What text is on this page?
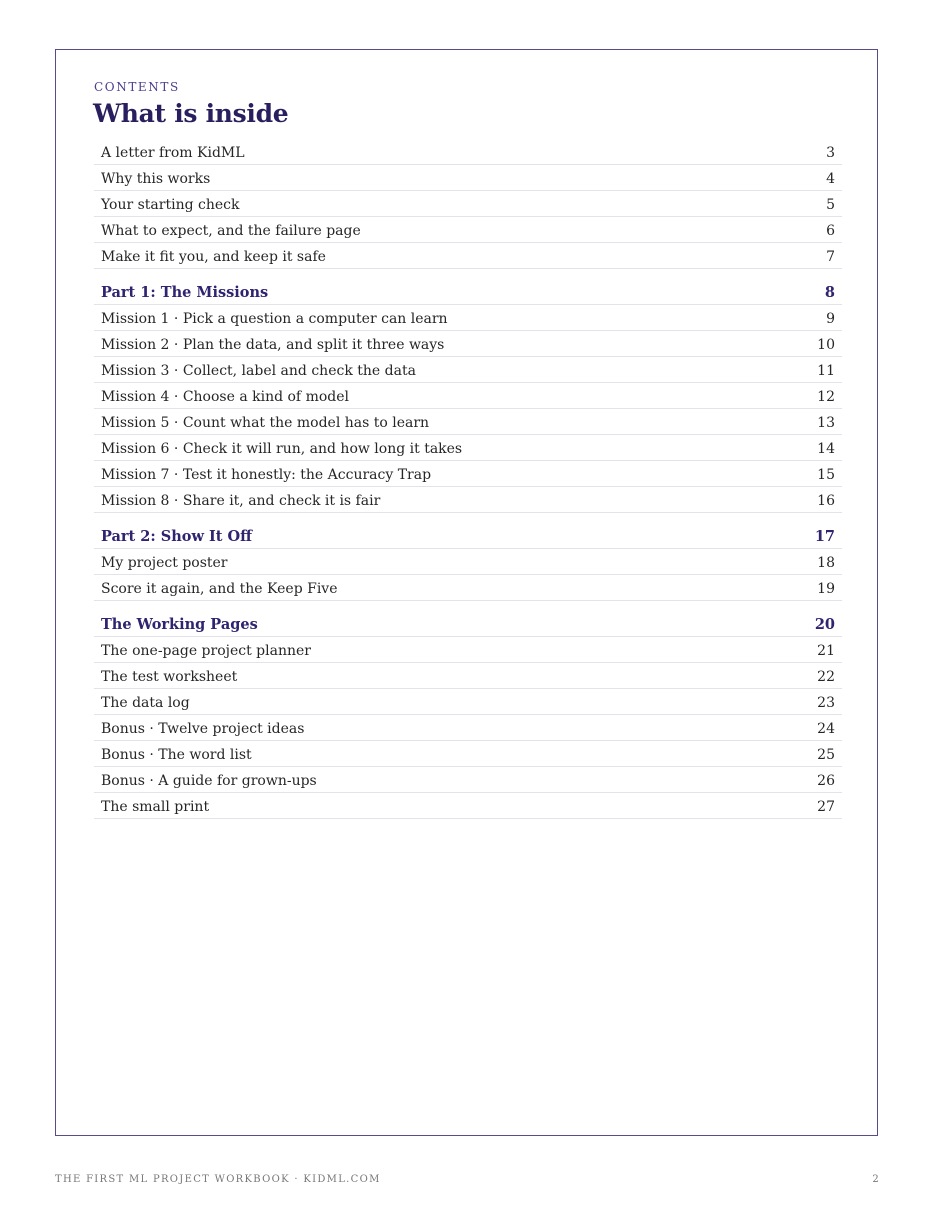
CONTENTS
What is inside
A letter from KidML	3
Why this works	4
Your starting check	5
What to expect, and the failure page	6
Make it fit you, and keep it safe	7
Part 1: The Missions	8
Mission 1 · Pick a question a computer can learn	9
Mission 2 · Plan the data, and split it three ways	10
Mission 3 · Collect, label and check the data	11
Mission 4 · Choose a kind of model	12
Mission 5 · Count what the model has to learn	13
Mission 6 · Check it will run, and how long it takes	14
Mission 7 · Test it honestly: the Accuracy Trap	15
Mission 8 · Share it, and check it is fair	16
Part 2: Show It Off	17
My project poster	18
Score it again, and the Keep Five	19
The Working Pages	20
The one-page project planner	21
The test worksheet	22
The data log	23
Bonus · Twelve project ideas	24
Bonus · The word list	25
Bonus · A guide for grown-ups	26
The small print	27
THE FIRST ML PROJECT WORKBOOK · KIDML.COM	2
